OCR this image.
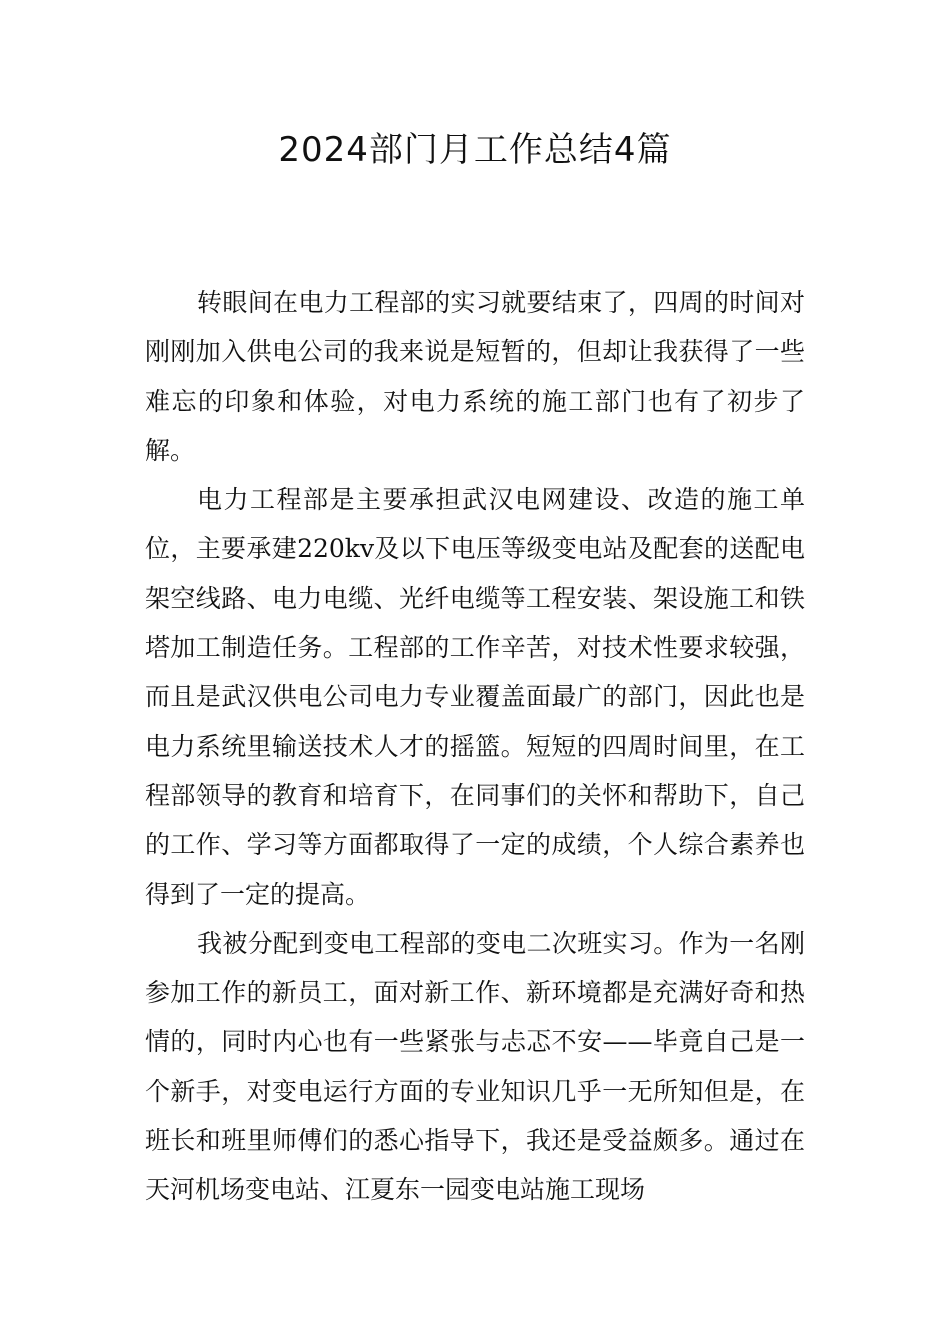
2024部门月工作总结4篇

转眼间在电力工程部的实习就要结束了，四周的时间对刚刚加入供电公司的我来说是短暂的，但却让我获得了一些难忘的印象和体验，对电力系统的施工部门也有了初步了解。

电力工程部是主要承担武汉电网建设、改造的施工单位，主要承建220kv及以下电压等级变电站及配套的送配电架空线路、电力电缆、光纤电缆等工程安装、架设施工和铁塔加工制造任务。工程部的工作辛苦，对技术性要求较强，而且是武汉供电公司电力专业覆盖面最广的部门，因此也是电力系统里输送技术人才的摇篮。短短的四周时间里，在工程部领导的教育和培育下，在同事们的关怀和帮助下，自己的工作、学习等方面都取得了一定的成绩，个人综合素养也得到了一定的提高。

我被分配到变电工程部的变电二次班实习。作为一名刚参加工作的新员工，面对新工作、新环境都是充满好奇和热情的，同时内心也有一些紧张与忐忑不安——毕竟自己是一个新手，对变电运行方面的专业知识几乎一无所知但是，在班长和班里师傅们的悉心指导下，我还是受益颇多。通过在天河机场变电站、江夏东一园变电站施工现场
